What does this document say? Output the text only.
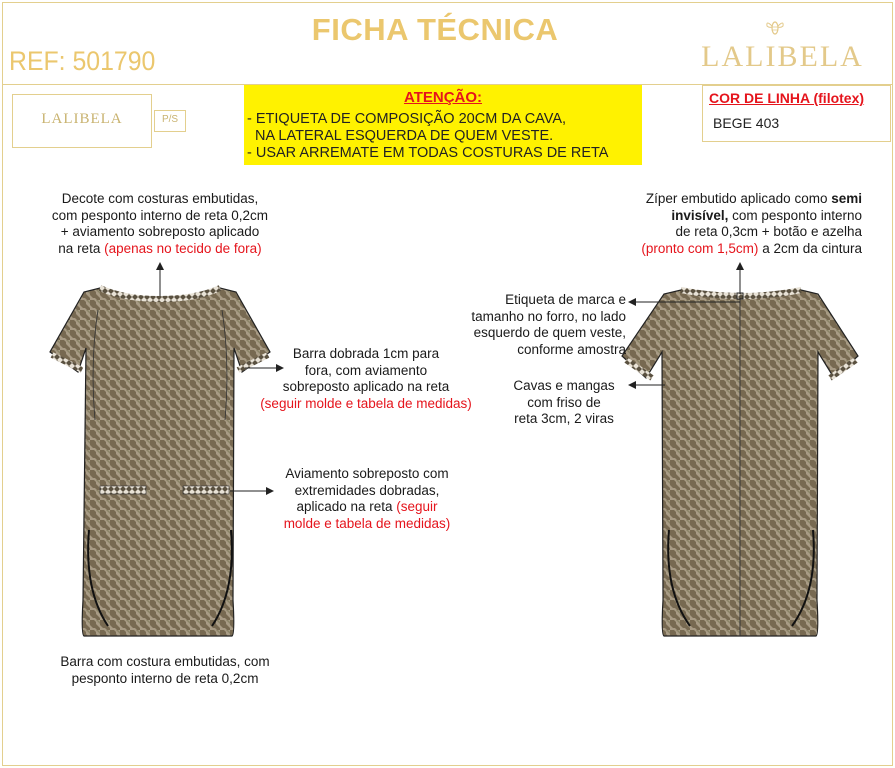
FICHA TÉCNICA
REF: 501790	LALIBELA
LALIBELA	P/S
ATENÇÃO:
- ETIQUETA DE COMPOSIÇÃO 20CM DA CAVA,
NA LATERAL ESQUERDA DE QUEM VESTE.
- USAR ARREMATE EM TODAS COSTURAS DE RETA
COR DE LINHA (filotex)
BEGE 403
Decote com costuras embutidas,
com pesponto interno de reta 0,2cm
+ aviamento sobreposto aplicado
na reta (apenas no tecido de fora)
Barra dobrada 1cm para
fora, com aviamento
sobreposto aplicado na reta
(seguir molde e tabela de medidas)
Aviamento sobreposto com
extremidades dobradas,
aplicado na reta (seguir
molde e tabela de medidas)
Barra com costura embutidas, com
pesponto interno de reta 0,2cm
Zíper embutido aplicado como semi
invisível, com pesponto interno
de reta 0,3cm + botão e azelha
(pronto com 1,5cm) a 2cm da cintura
Etiqueta de marca e
tamanho no forro, no lado
esquerdo de quem veste,
conforme amostra
Cavas e mangas
com friso de
reta 3cm, 2 viras
